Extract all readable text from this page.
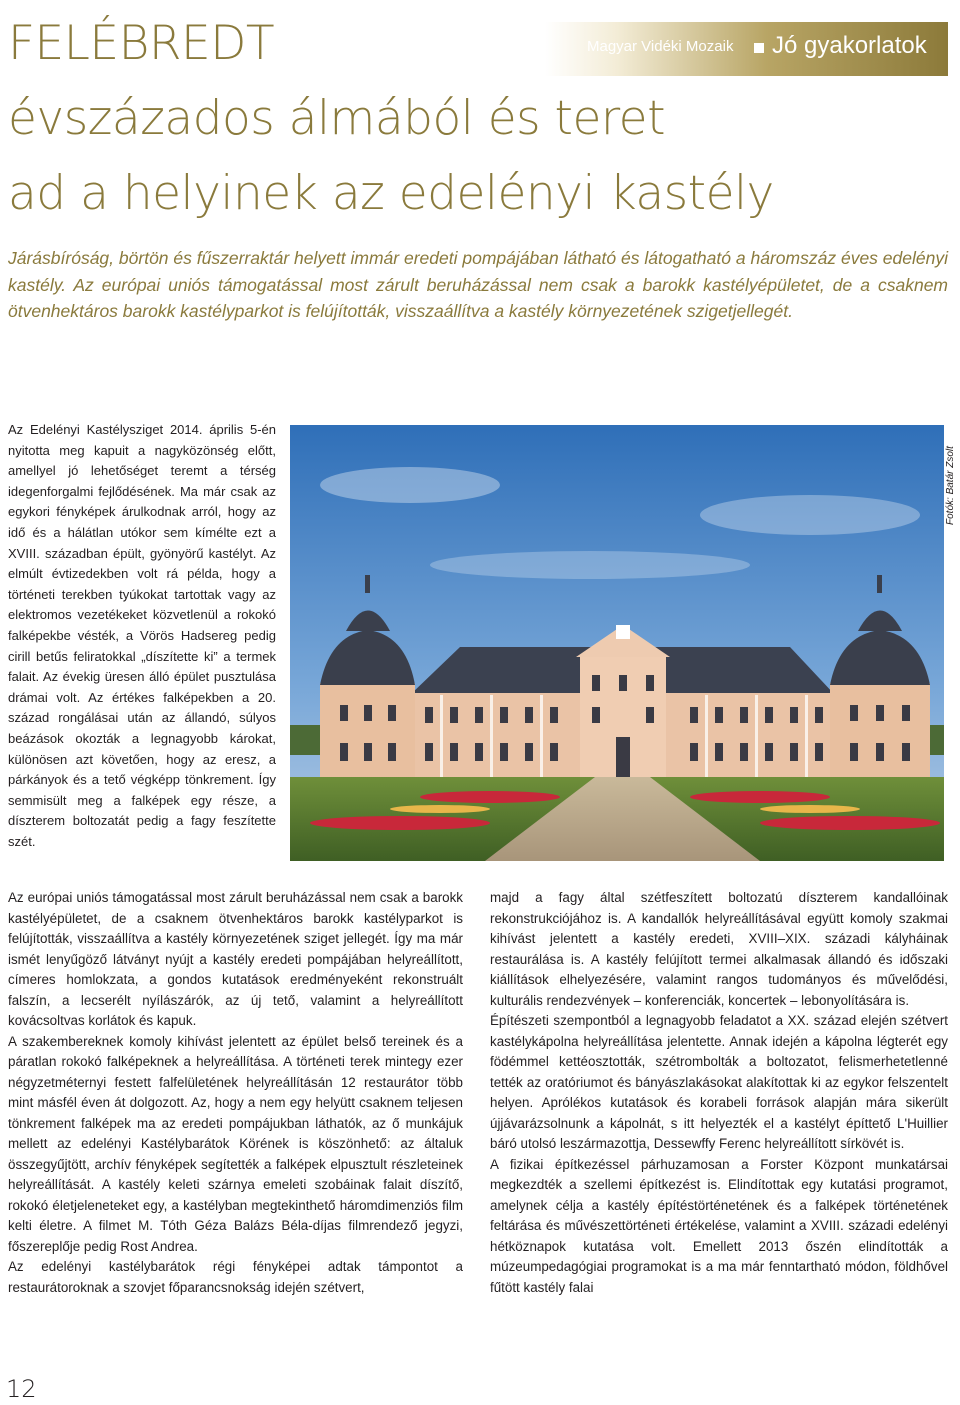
FELÉBREDT
évszázados álmából és teret
ad a helyinek az edelényi kastély
Magyar Vidéki Mozaik Jó gyakorlatok

Járásbíróság, börtön és fűszerraktár helyett immár eredeti pompájában látható és látogatható a háromszáz éves edelényi kastély. Az európai uniós támogatással most zárult beruházással nem csak a barokk kastélyépületet, de a csaknem ötvenhektáros barokk kastélyparkot is felújították, visszaállítva a kastély környezetének szigetjellegét.

Az Edelényi Kastélysziget 2014. április 5-én nyitotta meg kapuit a nagyközönség előtt, amellyel jó lehetőséget teremt a térség idegenforgalmi fejlődésének. Ma már csak az egykori fényképek árulkodnak arról, hogy az idő és a hálátlan utókor sem kímélte ezt a XVIII. században épült, gyönyörű kastélyt. Az elmúlt évtizedekben volt rá példa, hogy a történeti terekben tyúkokat tartottak vagy az elektromos vezetékeket közvetlenül a rokokó falképekbe vésték, a Vörös Hadsereg pedig cirill betűs feliratokkal „díszítette ki” a termek falait. Az évekig üresen álló épület pusztulása drámai volt. Az értékes falképekben a 20. század rongálásai után az állandó, súlyos beázások okozták a legnagyobb károkat, különösen azt követően, hogy az eresz, a párkányok és a tető végképp tönkrement. Így semmisült meg a falképek egy része, a díszterem boltozatát pedig a fagy feszítette szét.

Fotók: Batár Zsolt

Az európai uniós támogatással most zárult beruházással nem csak a barokk kastélyépületet, de a csaknem ötvenhektáros barokk kastélyparkot is felújították, visszaállítva a kastély környezetének sziget jellegét. Így ma már ismét lenyűgöző látványt nyújt a kastély eredeti pompájában helyreállított, címeres homlokzata, a gondos kutatások eredményeként rekonstruált falszín, a lecserélt nyílászárók, az új tető, valamint a helyreállított kovácsoltvas korlátok és kapuk.

A szakembereknek komoly kihívást jelentett az épület belső tereinek és a páratlan rokokó falképeknek a helyreállítása. A történeti terek mintegy ezer négyzetméternyi festett falfelületének helyreállításán 12 restaurátor több mint másfél éven át dolgozott. Az, hogy a nem egy helyütt csaknem teljesen tönkrement falképek ma az eredeti pompájukban láthatók, az ő munkájuk mellett az edelényi Kastélybarátok Körének is köszönhető: az általuk összegyűjtött, archív fényképek segítették a falképek elpusztult részleteinek helyreállítását. A kastély keleti szárnya emeleti szobáinak falait díszítő, rokokó életjeleneteket egy, a kastélyban megtekinthető háromdimenziós film kelti életre. A filmet M. Tóth Géza Balázs Béla-díjas filmrendező jegyzi, főszereplője pedig Rost Andrea.

Az edelényi kastélybarátok régi fényképei adtak támpontot a restaurátoroknak a szovjet főparancsnokság idején szétvert,

majd a fagy által szétfeszített boltozatú díszterem kandallóinak rekonstrukciójához is. A kandallók helyreállításával együtt komoly szakmai kihívást jelentett a kastély eredeti, XVIII–XIX. századi kályháinak restaurálása is. A kastély felújított termei alkalmasak állandó és időszaki kiállítások elhelyezésére, valamint rangos tudományos és művelődési, kulturális rendezvények – konferenciák, koncertek – lebonyolítására is.

Építészeti szempontból a legnagyobb feladatot a XX. század elején szétvert kastélykápolna helyreállítása jelentette. Annak idején a kápolna légterét egy födémmel kettéosztották, szétrombolták a boltozatot, felismerhetetlenné tették az oratóriumot és bányászlakásokat alakítottak ki az egykor felszentelt helyen. Aprólékos kutatások és korabeli források alapján mára sikerült újjávarázsolnunk a kápolnát, s itt helyezték el a kastélyt építtető L'Huillier báró utolsó leszármazottja, Dessewffy Ferenc helyreállított sírkövét is.

A fizikai építkezéssel párhuzamosan a Forster Központ munkatársai megkezdték a szellemi építkezést is. Elindítottak egy kutatási programot, amelynek célja a kastély építéstörténetének és a falképek történetének feltárása és művészettörténeti értékelése, valamint a XVIII. századi edelényi hétköznapok kutatása volt. Emellett 2013 őszén elindították a múzeumpedagógiai programokat is a ma már fenntartható módon, földhővel fűtött kastély falai

12
